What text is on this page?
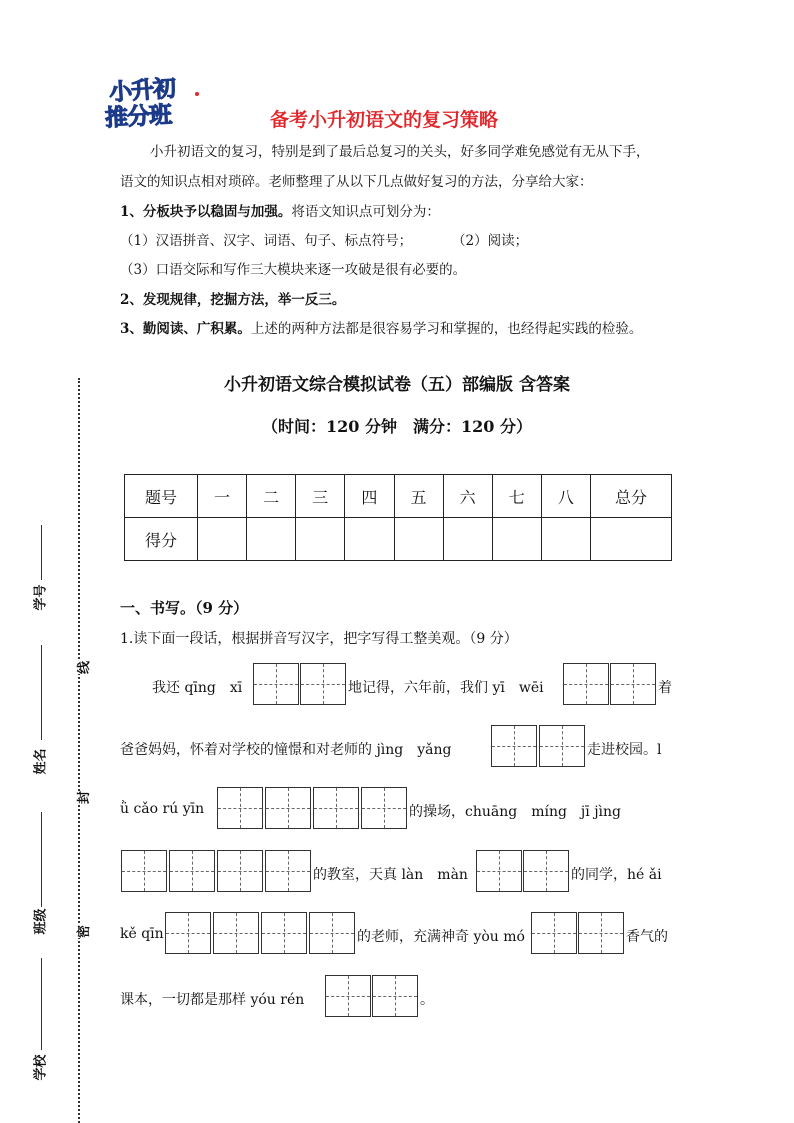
小升初
推分班	备考小升初语文的复习策略
小升初语文的复习，特别是到了最后总复习的关头，好多同学难免感觉有无从下手，
语文的知识点相对琐碎。老师整理了从以下几点做好复习的方法，分享给大家：
1、分板块予以稳固与加强。将语文知识点可划分为：
（1）汉语拼音、汉字、词语、句子、标点符号；	（2）阅读；
（3）口语交际和写作三大模块来逐一攻破是很有必要的。
2、发现规律，挖掘方法，举一反三。
3、勤阅读、广积累。上述的两种方法都是很容易学习和掌握的，也经得起实践的检验。
小升初语文综合模拟试卷（五）部编版 含答案
（时间：120 分钟　满分：120 分）
题号	一	二	三	四	五	六	七	八	总分
得分									
学号
姓名
班级
学校
线
封
密
一、书写。（9 分）
1.读下面一段话，根据拼音写汉字，把字写得工整美观。（9 分）
我还 qīng　xī	地记得，六年前，我们 yī　wēi	着
爸爸妈妈，怀着对学校的憧憬和对老师的 jìng　yǎng	走进校园。l
ǜ cǎo rú yīn	的操场，chuāng　míng　jī jìng
的教室，天真 làn　màn	的同学，hé ǎi
kě qīn	的老师，充满神奇 yòu mó	香气的
课本，一切都是那样 yóu rén	。
